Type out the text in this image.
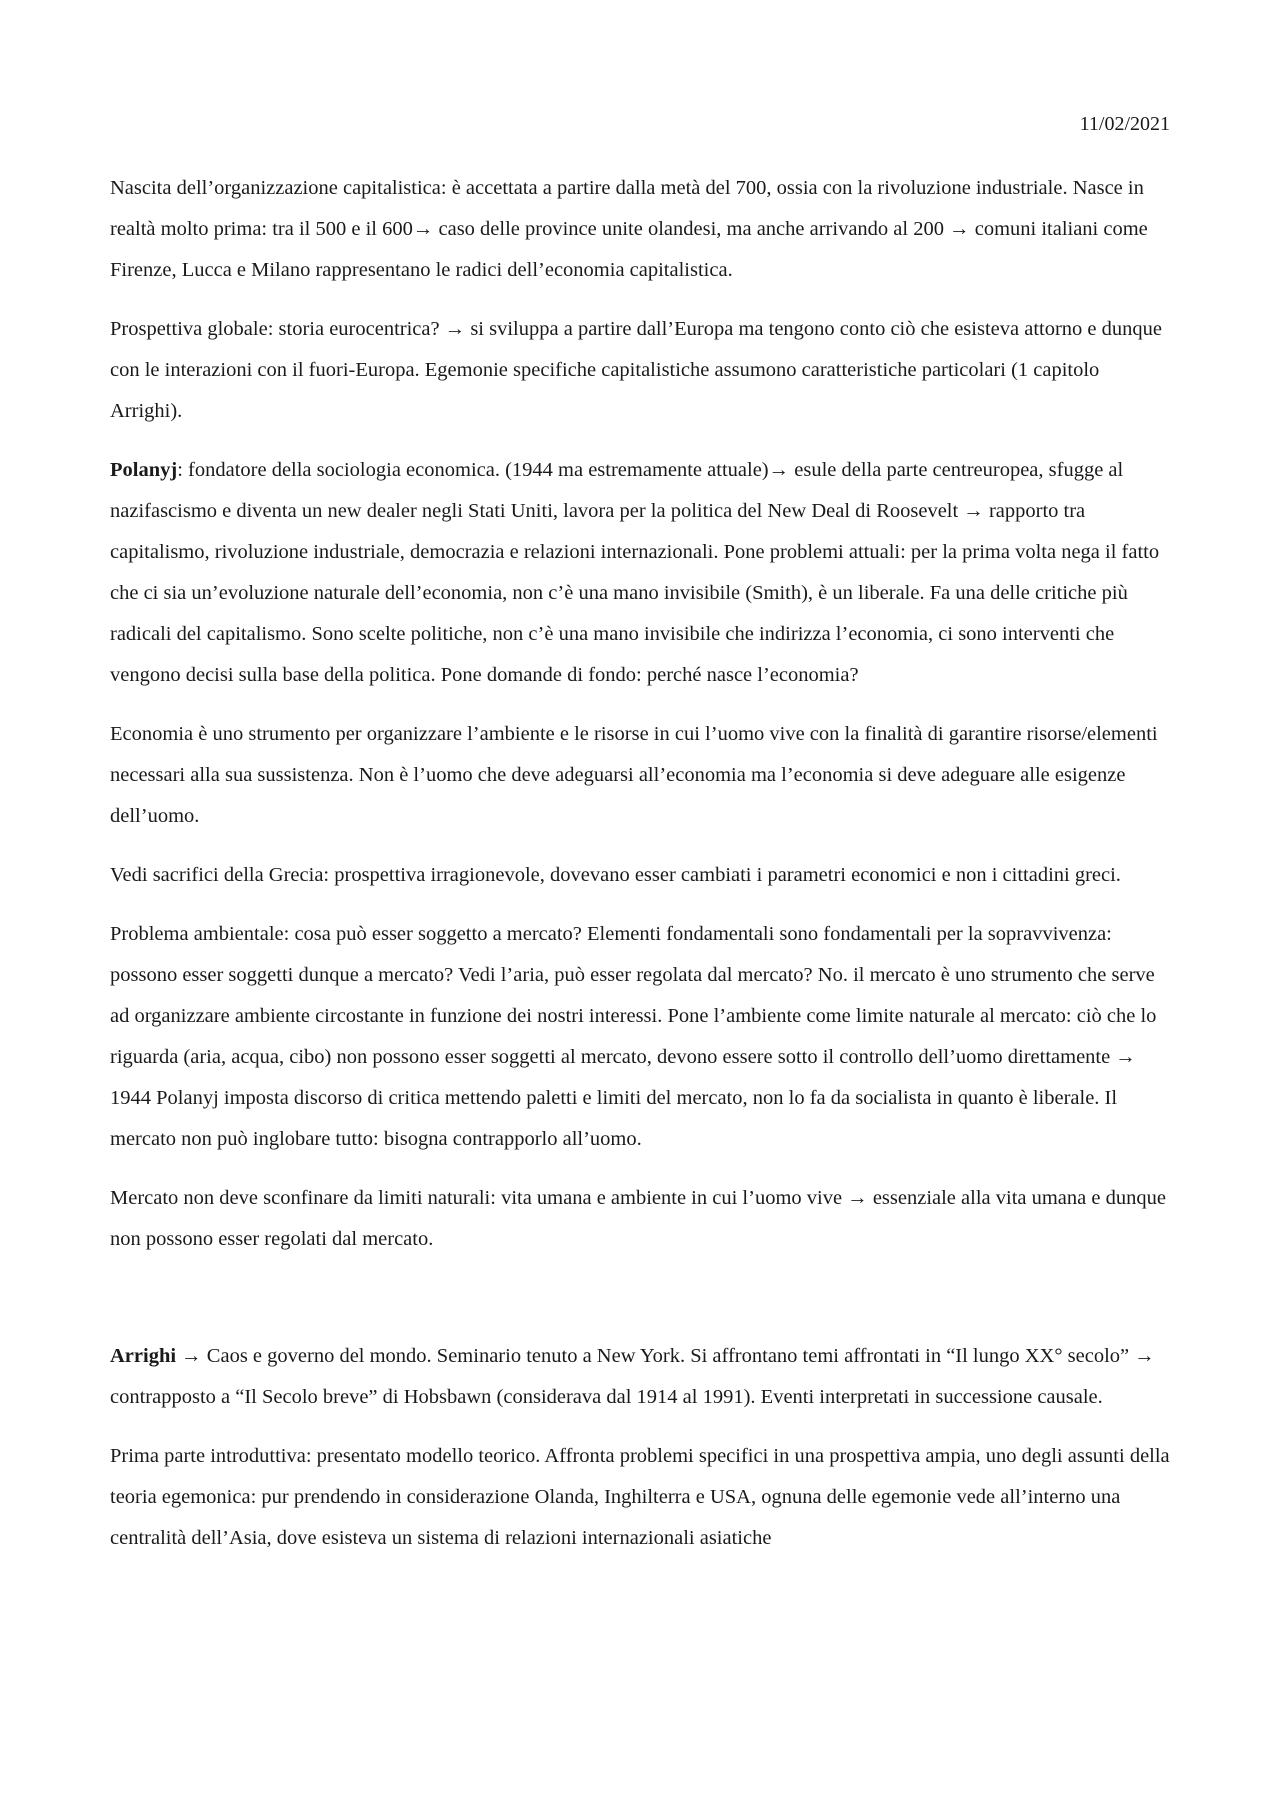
11/02/2021

Nascita dell’organizzazione capitalistica: è accettata a partire dalla metà del 700, ossia con la rivoluzione industriale. Nasce in realtà molto prima: tra il 500 e il 600→ caso delle province unite olandesi, ma anche arrivando al 200 → comuni italiani come Firenze, Lucca e Milano rappresentano le radici dell’economia capitalistica.

Prospettiva globale: storia eurocentrica? → si sviluppa a partire dall’Europa ma tengono conto ciò che esisteva attorno e dunque con le interazioni con il fuori-Europa. Egemonie specifiche capitalistiche assumono caratteristiche particolari (1 capitolo Arrighi).

Polanyj: fondatore della sociologia economica. (1944 ma estremamente attuale)→ esule della parte centreuropea, sfugge al nazifascismo e diventa un new dealer negli Stati Uniti, lavora per la politica del New Deal di Roosevelt → rapporto tra capitalismo, rivoluzione industriale, democrazia e relazioni internazionali. Pone problemi attuali: per la prima volta nega il fatto che ci sia un’evoluzione naturale dell’economia, non c’è una mano invisibile (Smith), è un liberale. Fa una delle critiche più radicali del capitalismo. Sono scelte politiche, non c’è una mano invisibile che indirizza l’economia, ci sono interventi che vengono decisi sulla base della politica. Pone domande di fondo: perché nasce l’economia?

Economia è uno strumento per organizzare l’ambiente e le risorse in cui l’uomo vive con la finalità di garantire risorse/elementi necessari alla sua sussistenza. Non è l’uomo che deve adeguarsi all’economia ma l’economia si deve adeguare alle esigenze dell’uomo.

Vedi sacrifici della Grecia: prospettiva irragionevole, dovevano esser cambiati i parametri economici e non i cittadini greci.

Problema ambientale: cosa può esser soggetto a mercato? Elementi fondamentali sono fondamentali per la sopravvivenza: possono esser soggetti dunque a mercato? Vedi l’aria, può esser regolata dal mercato? No. il mercato è uno strumento che serve ad organizzare ambiente circostante in funzione dei nostri interessi. Pone l’ambiente come limite naturale al mercato: ciò che lo riguarda (aria, acqua, cibo) non possono esser soggetti al mercato, devono essere sotto il controllo dell’uomo direttamente → 1944 Polanyj imposta discorso di critica mettendo paletti e limiti del mercato, non lo fa da socialista in quanto è liberale. Il mercato non può inglobare tutto: bisogna contrapporlo all’uomo.

Mercato non deve sconfinare da limiti naturali: vita umana e ambiente in cui l’uomo vive → essenziale alla vita umana e dunque non possono esser regolati dal mercato.

Arrighi → Caos e governo del mondo. Seminario tenuto a New York. Si affrontano temi affrontati in “Il lungo XX° secolo” → contrapposto a “Il Secolo breve” di Hobsbawn (considerava dal 1914 al 1991). Eventi interpretati in successione causale.

Prima parte introduttiva: presentato modello teorico. Affronta problemi specifici in una prospettiva ampia, uno degli assunti della teoria egemonica: pur prendendo in considerazione Olanda, Inghilterra e USA, ognuna delle egemonie vede all’interno una centralità dell’Asia, dove esisteva un sistema di relazioni internazionali asiatiche
